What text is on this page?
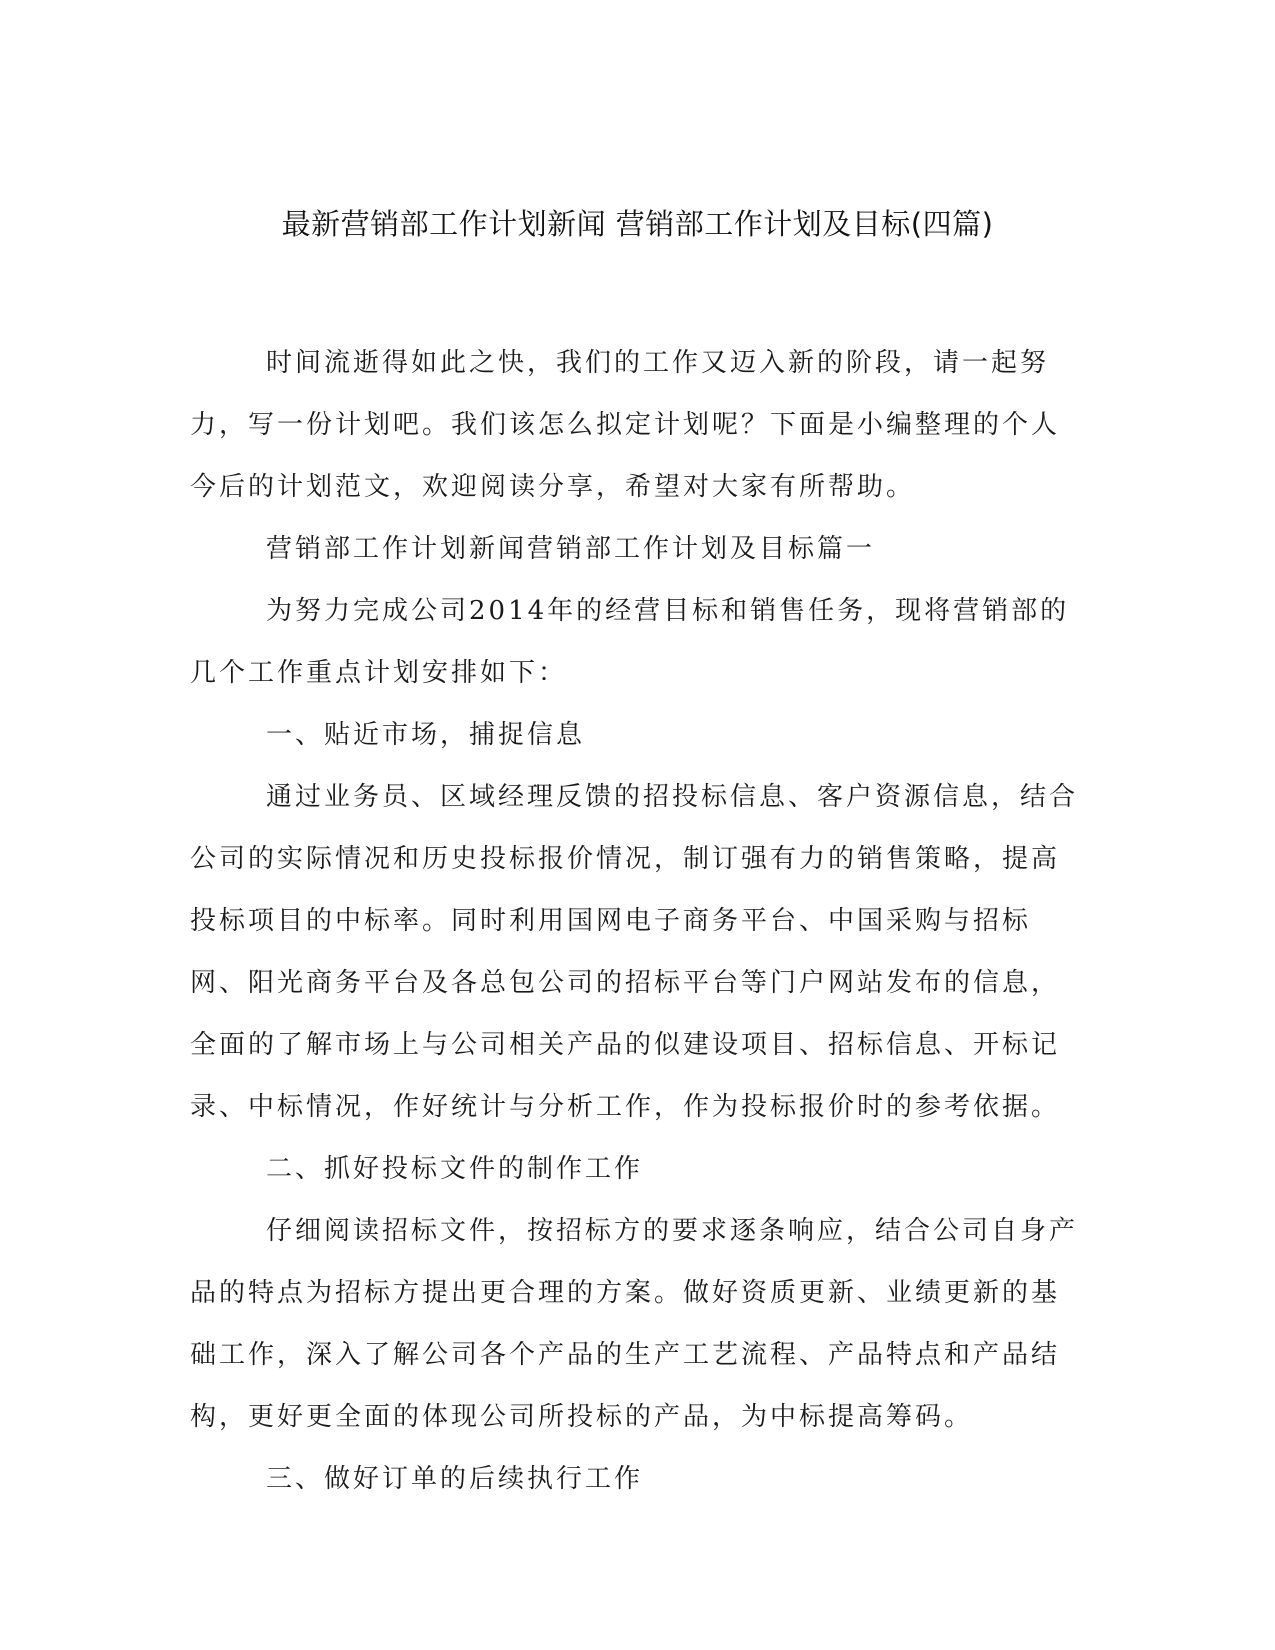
最新营销部工作计划新闻 营销部工作计划及目标(四篇)

时间流逝得如此之快，我们的工作又迈入新的阶段，请一起努力，写一份计划吧。我们该怎么拟定计划呢？下面是小编整理的个人今后的计划范文，欢迎阅读分享，希望对大家有所帮助。

营销部工作计划新闻营销部工作计划及目标篇一

为努力完成公司2014年的经营目标和销售任务，现将营销部的几个工作重点计划安排如下：

一、贴近市场，捕捉信息

通过业务员、区域经理反馈的招投标信息、客户资源信息，结合公司的实际情况和历史投标报价情况，制订强有力的销售策略，提高投标项目的中标率。同时利用国网电子商务平台、中国采购与招标网、阳光商务平台及各总包公司的招标平台等门户网站发布的信息，全面的了解市场上与公司相关产品的似建设项目、招标信息、开标记录、中标情况，作好统计与分析工作，作为投标报价时的参考依据。

二、抓好投标文件的制作工作

仔细阅读招标文件，按招标方的要求逐条响应，结合公司自身产品的特点为招标方提出更合理的方案。做好资质更新、业绩更新的基础工作，深入了解公司各个产品的生产工艺流程、产品特点和产品结构，更好更全面的体现公司所投标的产品，为中标提高筹码。

三、做好订单的后续执行工作
